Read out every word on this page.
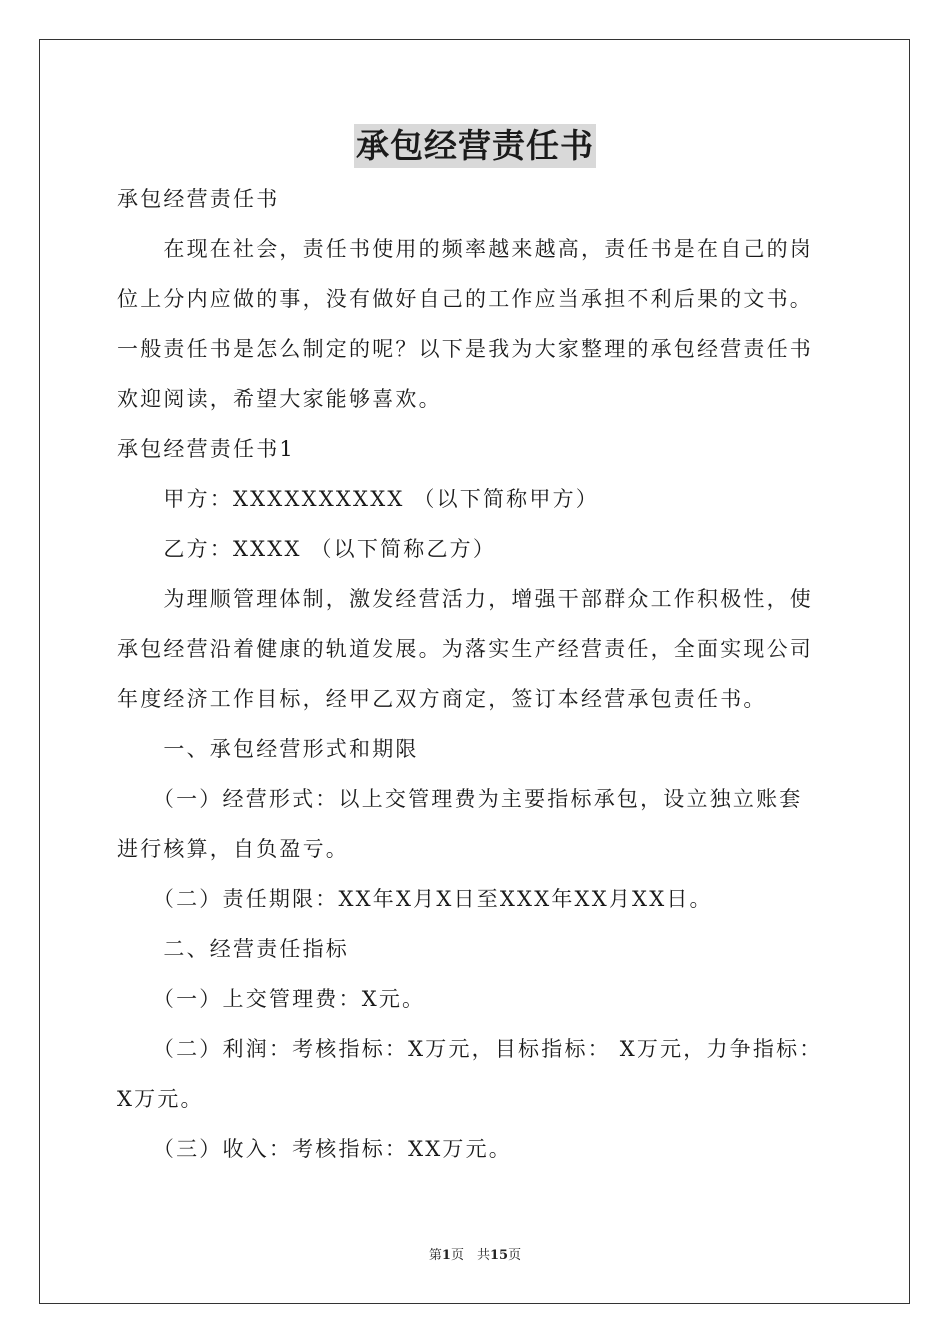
承包经营责任书
承包经营责任书
　　在现在社会，责任书使用的频率越来越高，责任书是在自己的岗
位上分内应做的事，没有做好自己的工作应当承担不利后果的文书。
一般责任书是怎么制定的呢？以下是我为大家整理的承包经营责任书
欢迎阅读，希望大家能够喜欢。
承包经营责任书1
　　甲方：XXXXXXXXXX （以下简称甲方）
　　乙方：XXXX （以下简称乙方）
　　为理顺管理体制，激发经营活力，增强干部群众工作积极性，使
承包经营沿着健康的轨道发展。为落实生产经营责任，全面实现公司
年度经济工作目标，经甲乙双方商定，签订本经营承包责任书。
　　一、承包经营形式和期限
　　（一）经营形式：以上交管理费为主要指标承包，设立独立账套
进行核算，自负盈亏。
　　（二）责任期限：XX年X月X日至XXX年XX月XX日。
　　二、经营责任指标
　　（一）上交管理费：X元。
　　（二）利润：考核指标：X万元，目标指标： X万元，力争指标：
X万元。
　　（三）收入：考核指标：XX万元。
第1页　共15页
